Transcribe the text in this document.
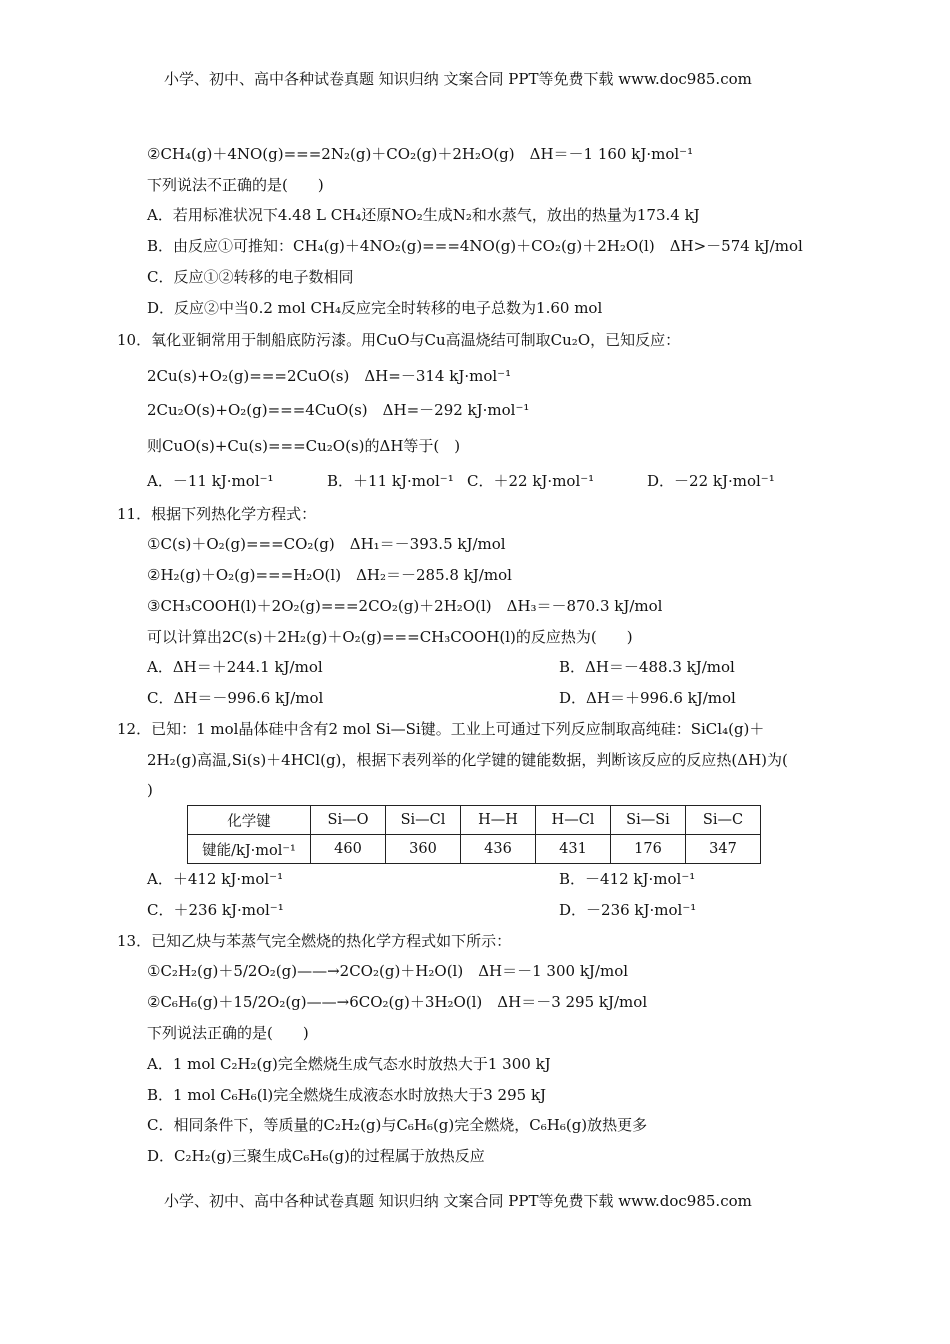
小学、初中、高中各种试卷真题 知识归纳 文案合同 PPT等免费下载 www.doc985.com
②CH₄(g)＋4NO(g)===2N₂(g)＋CO₂(g)＋2H₂O(g)　ΔH＝－1 160 kJ·mol⁻¹
下列说法不正确的是(　　)
A．若用标准状况下4.48 L CH₄还原NO₂生成N₂和水蒸气，放出的热量为173.4 kJ
B．由反应①可推知：CH₄(g)＋4NO₂(g)===4NO(g)＋CO₂(g)＋2H₂O(l)　ΔH>－574 kJ/mol
C．反应①②转移的电子数相同
D．反应②中当0.2 mol CH₄反应完全时转移的电子总数为1.60 mol
10．氧化亚铜常用于制船底防污漆。用CuO与Cu高温烧结可制取Cu₂O，已知反应：
2Cu(s)+O₂(g)===2CuO(s)　ΔH=－314 kJ·mol⁻¹
2Cu₂O(s)+O₂(g)===4CuO(s)　ΔH=－292 kJ·mol⁻¹
则CuO(s)+Cu(s)===Cu₂O(s)的ΔH等于(　)
A．－11 kJ·mol⁻¹	B．＋11 kJ·mol⁻¹ C．＋22 kJ·mol⁻¹	D．－22 kJ·mol⁻¹
11．根据下列热化学方程式：
①C(s)＋O₂(g)===CO₂(g)　ΔH₁＝－393.5 kJ/mol
②H₂(g)＋O₂(g)===H₂O(l)　ΔH₂＝－285.8 kJ/mol
③CH₃COOH(l)＋2O₂(g)===2CO₂(g)＋2H₂O(l)　ΔH₃＝－870.3 kJ/mol
可以计算出2C(s)＋2H₂(g)＋O₂(g)===CH₃COOH(l)的反应热为(　　)
A．ΔH＝＋244.1 kJ/mol	B．ΔH＝－488.3 kJ/mol
C．ΔH＝－996.6 kJ/mol	D．ΔH＝＋996.6 kJ/mol
12．已知：1 mol晶体硅中含有2 mol Si—Si键。工业上可通过下列反应制取高纯硅：SiCl₄(g)＋
2H₂(g)高温,Si(s)＋4HCl(g)，根据下表列举的化学键的键能数据，判断该反应的反应热(ΔH)为(
)
化学键	Si—O	Si—Cl	H—H	H—Cl	Si—Si	Si—C
键能/kJ·mol⁻¹	460	360	436	431	176	347
A．＋412 kJ·mol⁻¹	B．－412 kJ·mol⁻¹
C．＋236 kJ·mol⁻¹	D．－236 kJ·mol⁻¹
13．已知乙炔与苯蒸气完全燃烧的热化学方程式如下所示：
①C₂H₂(g)＋5/2O₂(g)——→2CO₂(g)＋H₂O(l)　ΔH＝－1 300 kJ/mol
②C₆H₆(g)＋15/2O₂(g)——→6CO₂(g)＋3H₂O(l)　ΔH＝－3 295 kJ/mol
下列说法正确的是(　　)
A．1 mol C₂H₂(g)完全燃烧生成气态水时放热大于1 300 kJ
B．1 mol C₆H₆(l)完全燃烧生成液态水时放热大于3 295 kJ
C．相同条件下，等质量的C₂H₂(g)与C₆H₆(g)完全燃烧，C₆H₆(g)放热更多
D．C₂H₂(g)三聚生成C₆H₆(g)的过程属于放热反应
小学、初中、高中各种试卷真题 知识归纳 文案合同 PPT等免费下载 www.doc985.com
